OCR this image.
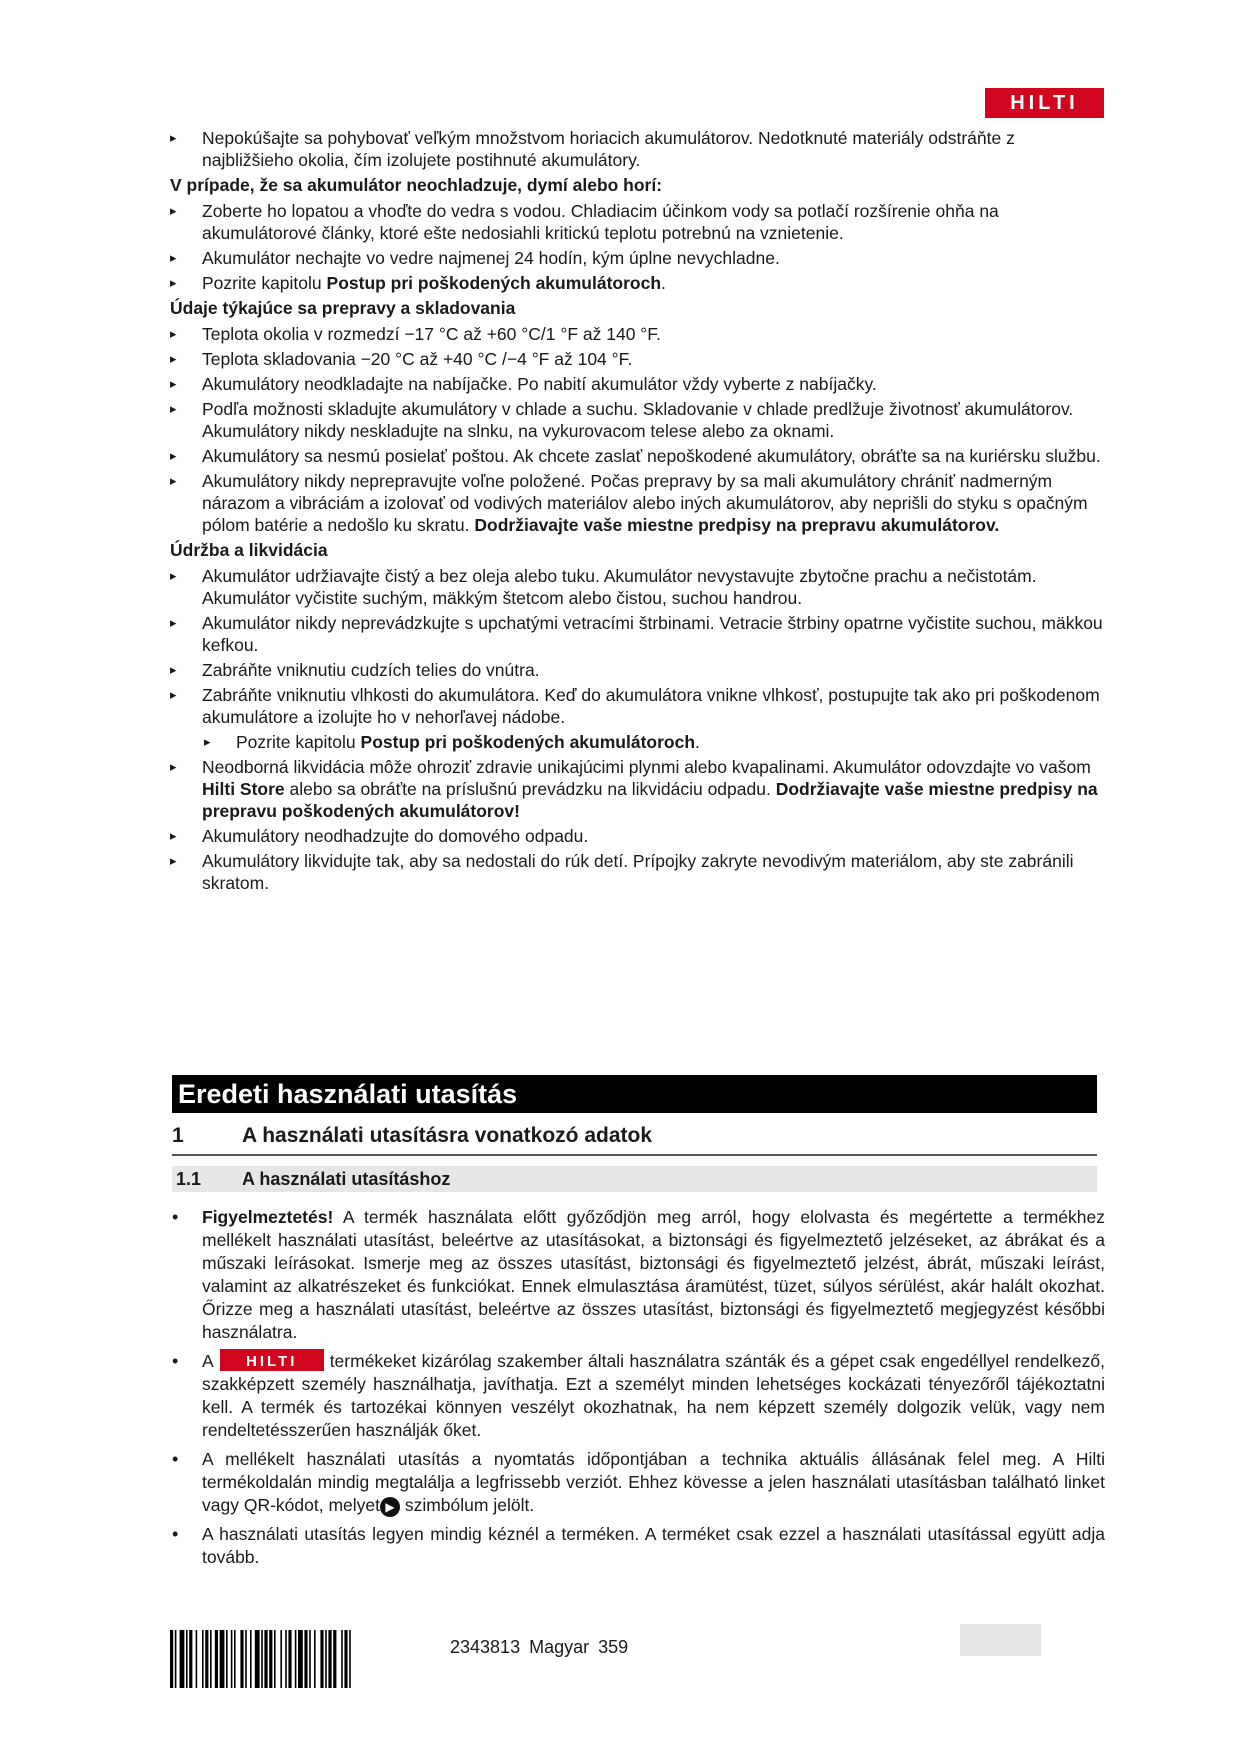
HILTI
▸ Nepokúšajte sa pohybovať veľkým množstvom horiacich akumulátorov. Nedotknuté materiály odstráňte z najbližšieho okolia, čím izolujete postihnuté akumulátory.
V prípade, že sa akumulátor neochladzuje, dymí alebo horí:
▸ Zoberte ho lopatou a vhoďte do vedra s vodou. Chladiacim účinkom vody sa potlačí rozšírenie ohňa na akumulátorové články, ktoré ešte nedosiahli kritickú teplotu potrebnú na vznietenie.
▸ Akumulátor nechajte vo vedre najmenej 24 hodín, kým úplne nevychladne.
▸ Pozrite kapitolu Postup pri poškodených akumulátoroch.
Údaje týkajúce sa prepravy a skladovania
▸ Teplota okolia v rozmedzí −17 °C až +60 °C/1 °F až 140 °F.
▸ Teplota skladovania −20 °C až +40 °C /−4 °F až 104 °F.
▸ Akumulátory neodkladajte na nabíjačke. Po nabití akumulátor vždy vyberte z nabíjačky.
▸ Podľa možnosti skladujte akumulátory v chlade a suchu. Skladovanie v chlade predlžuje životnosť akumulátorov. Akumulátory nikdy neskladujte na slnku, na vykurovacom telese alebo za oknami.
▸ Akumulátory sa nesmú posielať poštou. Ak chcete zaslať nepoškodené akumulátory, obráťte sa na kuriérsku službu.
▸ Akumulátory nikdy neprepravujte voľne položené. Počas prepravy by sa mali akumulátory chrániť nadmerným nárazom a vibráciám a izolovať od vodivých materiálov alebo iných akumulátorov, aby neprišli do styku s opačným pólom batérie a nedošlo ku skratu. Dodržiavajte vaše miestne predpisy na prepravu akumulátorov.
Údržba a likvidácia
▸ Akumulátor udržiavajte čistý a bez oleja alebo tuku. Akumulátor nevystavujte zbytočne prachu a nečistotám. Akumulátor vyčistite suchým, mäkkým štetcom alebo čistou, suchou handrou.
▸ Akumulátor nikdy neprevádzkujte s upchatými vetracími štrbinami. Vetracie štrbiny opatrne vyčistite suchou, mäkkou kefkou.
▸ Zabráňte vniknutiu cudzích telies do vnútra.
▸ Zabráňte vniknutiu vlhkosti do akumulátora. Keď do akumulátora vnikne vlhkosť, postupujte tak ako pri poškodenom akumulátore a izolujte ho v nehorľavej nádobe.
▸ Pozrite kapitolu Postup pri poškodených akumulátoroch.
▸ Neodborná likvidácia môže ohroziť zdravie unikajúcimi plynmi alebo kvapalinami. Akumulátor odovzdajte vo vašom Hilti Store alebo sa obráťte na príslušnú prevádzku na likvidáciu odpadu. Dodržiavajte vaše miestne predpisy na prepravu poškodených akumulátorov!
▸ Akumulátory neodhadzujte do domového odpadu.
▸ Akumulátory likvidujte tak, aby sa nedostali do rúk detí. Prípojky zakryte nevodivým materiálom, aby ste zabránili skratom.
Eredeti használati utasítás
1	A használati utasításra vonatkozó adatok
1.1 A használati utasításhoz
• Figyelmeztetés! A termék használata előtt győződjön meg arról, hogy elolvasta és megértette a termékhez mellékelt használati utasítást, beleértve az utasításokat, a biztonsági és figyelmeztető jelzéseket, az ábrákat és a műszaki leírásokat. Ismerje meg az összes utasítást, biztonsági és figyelmeztető jelzést, ábrát, műszaki leírást, valamint az alkatrészeket és funkciókat. Ennek elmulasztása áramütést, tüzet, súlyos sérülést, akár halált okozhat. Őrizze meg a használati utasítást, beleértve az összes utasítást, biztonsági és figyelmeztető megjegyzést későbbi használatra.
• A HILTI termékeket kizárólag szakember általi használatra szánták és a gépet csak engedéllyel rendelkező, szakképzett személy használhatja, javíthatja. Ezt a személyt minden lehetséges kockázati tényezőről tájékoztatni kell. A termék és tartozékai könnyen veszélyt okozhatnak, ha nem képzett személy dolgozik velük, vagy nem rendeltetésszerűen használják őket.
• A mellékelt használati utasítás a nyomtatás időpontjában a technika aktuális állásának felel meg. A Hilti termékoldalán mindig megtalálja a legfrissebb verziót. Ehhez kövesse a jelen használati utasításban található linket vagy QR-kódot, melyet ▶ szimbólum jelölt.
• A használati utasítás legyen mindig kéznél a terméken. A terméket csak ezzel a használati utasítással együtt adja tovább.
2343813 Magyar 359
